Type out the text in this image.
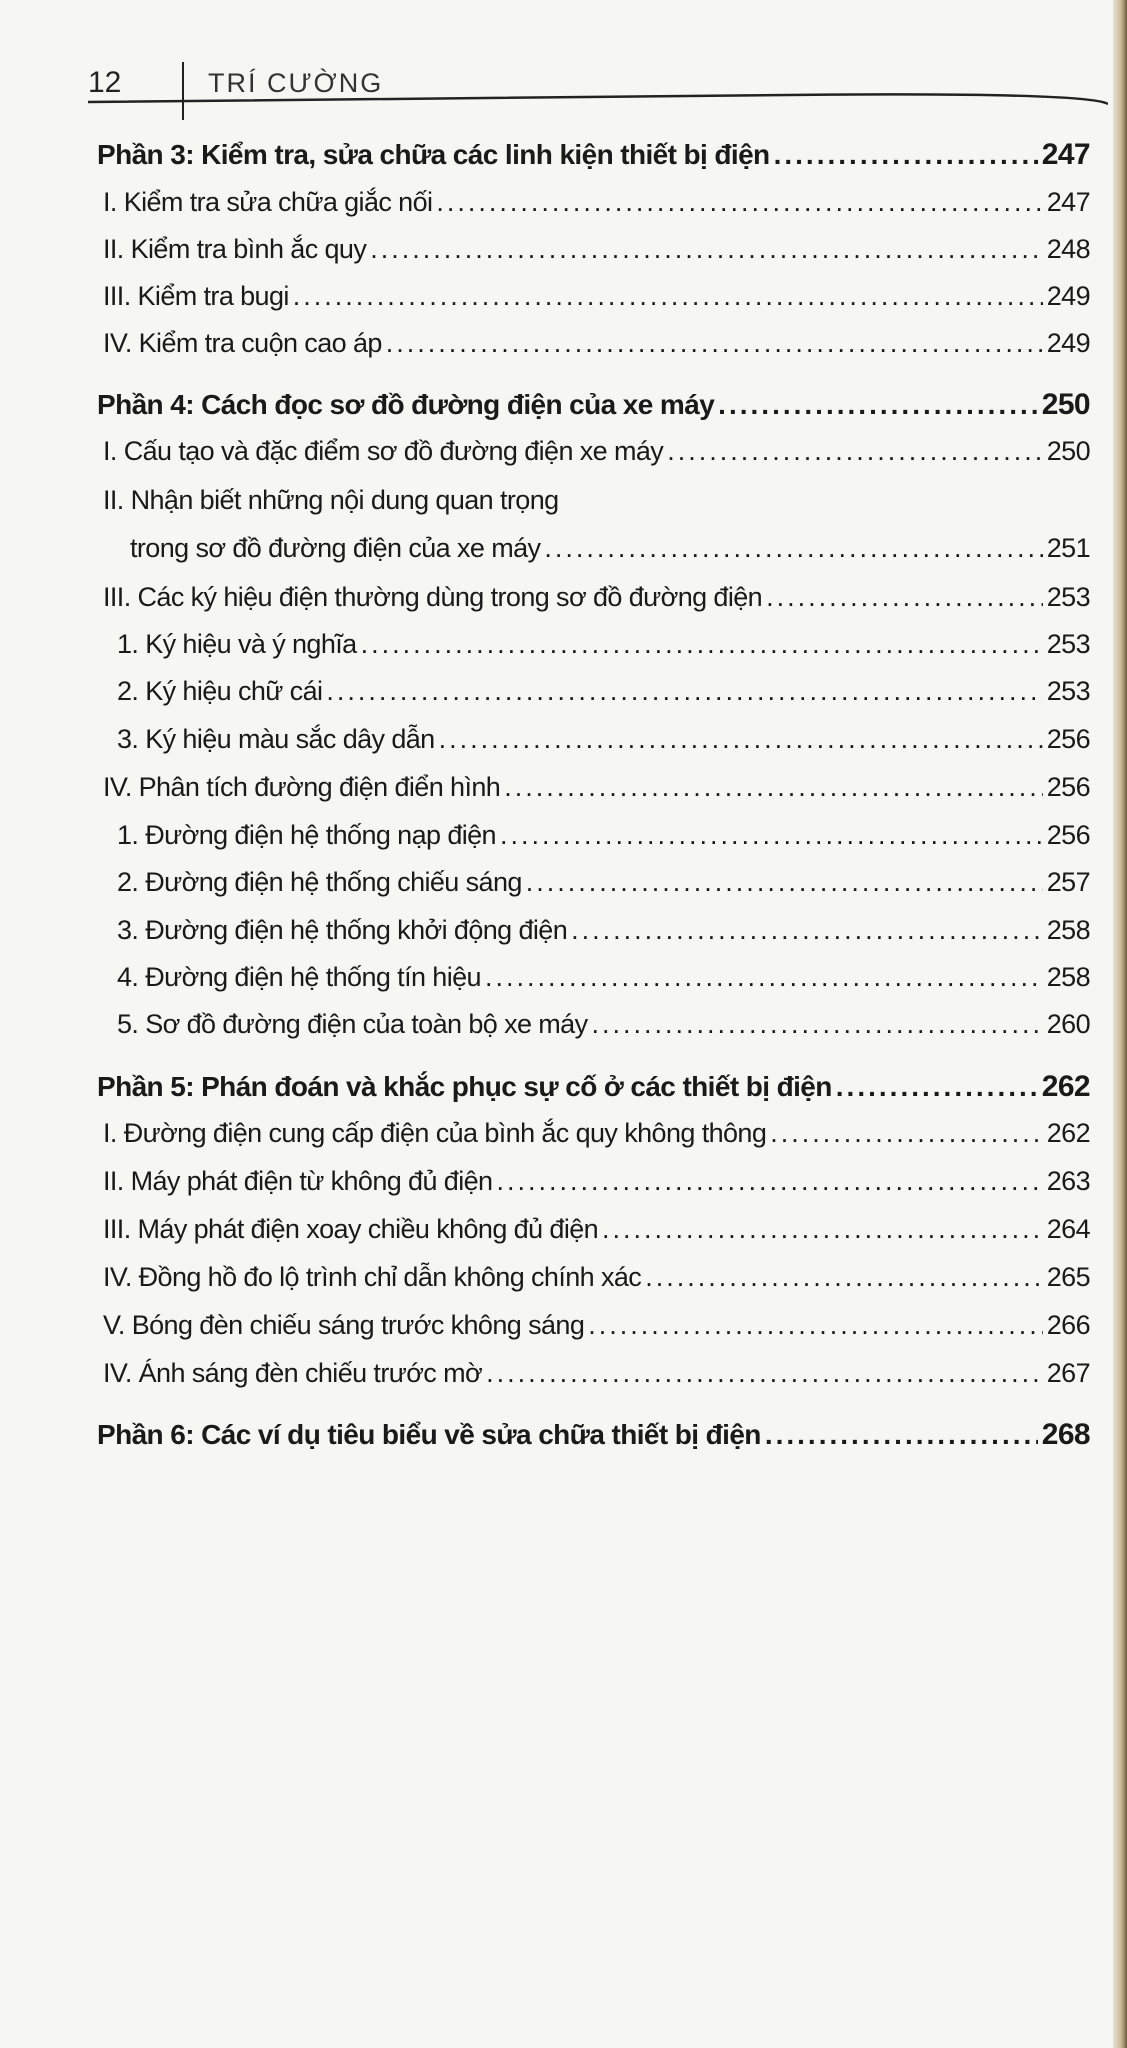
12	TRÍ CƯỜNG
Phần 3: Kiểm tra, sửa chữa các linh kiện thiết bị điện .....	247
I. Kiểm tra sửa chữa giắc nối .....	247
II. Kiểm tra bình ắc quy .....	248
III. Kiểm tra bugi .....	249
IV. Kiểm tra cuộn cao áp .....	249
Phần 4: Cách đọc sơ đồ đường điện của xe máy .....	250
I. Cấu tạo và đặc điểm sơ đồ đường điện xe máy .....	250
II. Nhận biết những nội dung quan trọng
trong sơ đồ đường điện của xe máy .....	251
III. Các ký hiệu điện thường dùng trong sơ đồ đường điện .....	253
1. Ký hiệu và ý nghĩa .....	253
2. Ký hiệu chữ cái .....	253
3. Ký hiệu màu sắc dây dẫn .....	256
IV. Phân tích đường điện điển hình .....	256
1. Đường điện hệ thống nạp điện .....	256
2. Đường điện hệ thống chiếu sáng .....	257
3. Đường điện hệ thống khởi động điện .....	258
4. Đường điện hệ thống tín hiệu .....	258
5. Sơ đồ đường điện của toàn bộ xe máy .....	260
Phần 5: Phán đoán và khắc phục sự cố ở các thiết bị điện .....	262
I. Đường điện cung cấp điện của bình ắc quy không thông .....	262
II. Máy phát điện từ không đủ điện .....	263
III. Máy phát điện xoay chiều không đủ điện .....	264
IV. Đồng hồ đo lộ trình chỉ dẫn không chính xác .....	265
V. Bóng đèn chiếu sáng trước không sáng .....	266
IV. Ánh sáng đèn chiếu trước mờ .....	267
Phần 6: Các ví dụ tiêu biểu về sửa chữa thiết bị điện .....	268
